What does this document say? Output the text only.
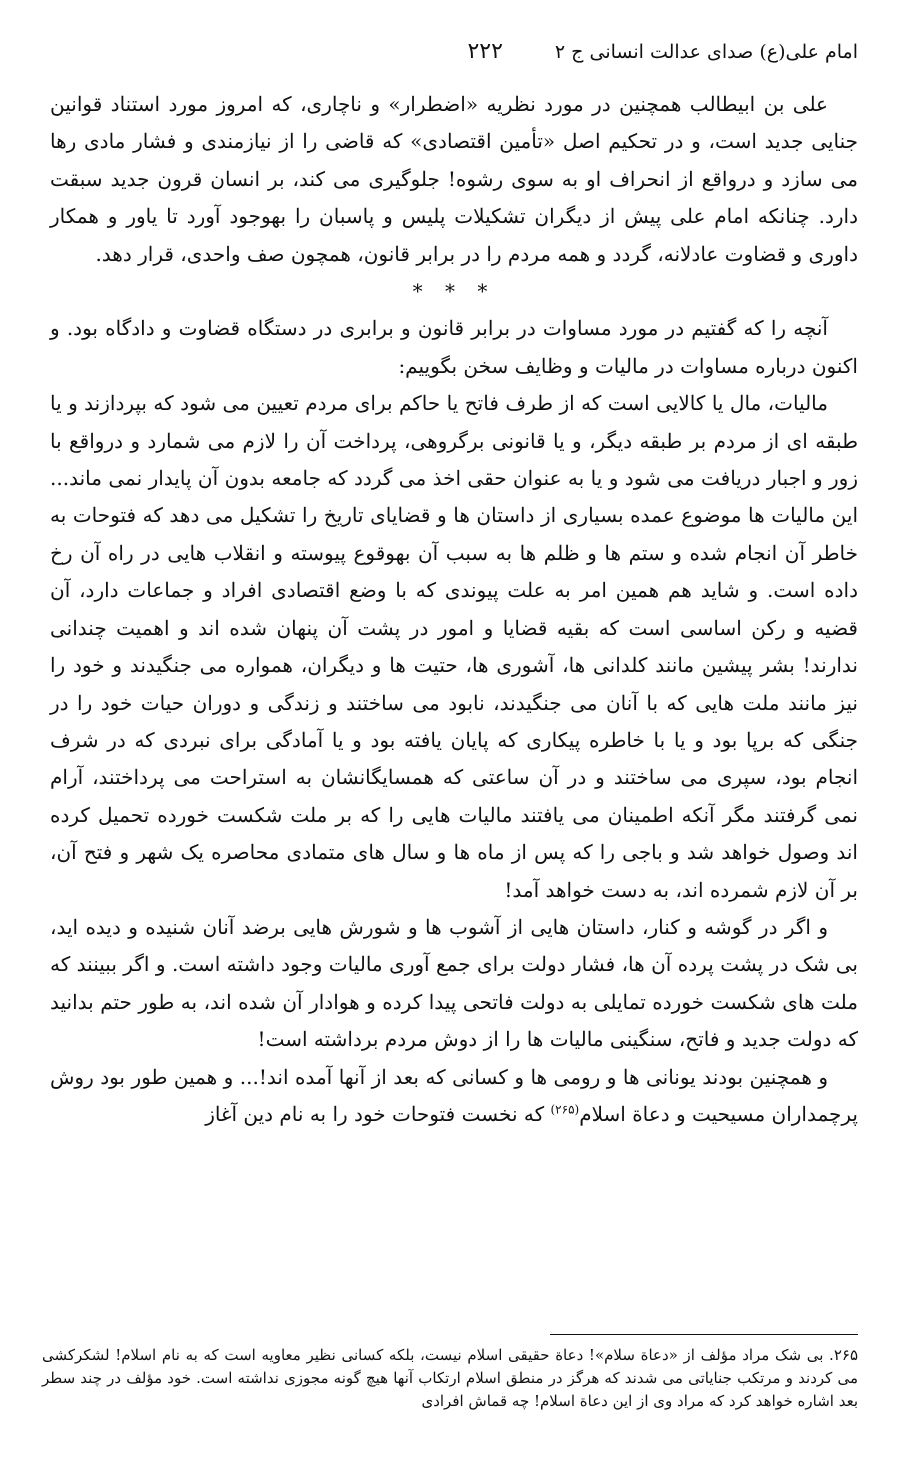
امام علی(ع) صدای عدالت انسانی ج ۲
۲۲۲

علی بن ابیطالب همچنین در مورد نظریه «اضطرار» و ناچاری، که امروز مورد استناد قوانین جنایی جدید است، و در تحکیم اصل «تأمین اقتصادی» که قاضی را از نیازمندی و فشار مادی رها می سازد و درواقع از انحراف او به سوی رشوه! جلوگیری می کند، بر انسان قرون جدید سبقت دارد. چنانکه امام علی پیش از دیگران تشکیلات پلیس و پاسبان را بهوجود آورد تا یاور و همکار داوری و قضاوت عادلانه، گردد و همه مردم را در برابر قانون، همچون صف واحدی، قرار دهد.

* * *

آنچه را که گفتیم در مورد مساوات در برابر قانون و برابری در دستگاه قضاوت و دادگاه بود. و اکنون درباره مساوات در مالیات و وظایف سخن بگوییم:

مالیات، مال یا کالایی است که از طرف فاتح یا حاکم برای مردم تعیین می شود که بپردازند و یا طبقه ای از مردم بر طبقه دیگر، و یا قانونی برگروهی، پرداخت آن را لازم می شمارد و درواقع با زور و اجبار دریافت می شود و یا به عنوان حقی اخذ می گردد که جامعه بدون آن پایدار نمی ماند... این مالیات ها موضوع عمده بسیاری از داستان ها و قضایای تاریخ را تشکیل می دهد که فتوحات به خاطر آن انجام شده و ستم ها و ظلم ها به سبب آن بهوقوع پیوسته و انقلاب هایی در راه آن رخ داده است. و شاید هم همین امر به علت پیوندی که با وضع اقتصادی افراد و جماعات دارد، آن قضیه و رکن اساسی است که بقیه قضایا و امور در پشت آن پنهان شده اند و اهمیت چندانی ندارند! بشر پیشین مانند کلدانی ها، آشوری ها، حتیت ها و دیگران، همواره می جنگیدند و خود را نیز مانند ملت هایی که با آنان می جنگیدند، نابود می ساختند و زندگی و دوران حیات خود را در جنگی که برپا بود و یا با خاطره پیکاری که پایان یافته بود و یا آمادگی برای نبردی که در شرف انجام بود، سپری می ساختند و در آن ساعتی که همسایگانشان به استراحت می پرداختند، آرام نمی گرفتند مگر آنکه اطمینان می یافتند مالیات هایی را که بر ملت شکست خورده تحمیل کرده اند وصول خواهد شد و باجی را که پس از ماه ها و سال های متمادی محاصره یک شهر و فتح آن، بر آن لازم شمرده اند، به دست خواهد آمد!

و اگر در گوشه و کنار، داستان هایی از آشوب ها و شورش هایی برضد آنان شنیده و دیده اید، بی شک در پشت پرده آن ها، فشار دولت برای جمع آوری مالیات وجود داشته است. و اگر ببینند که ملت های شکست خورده تمایلی به دولت فاتحی پیدا کرده و هوادار آن شده اند، به طور حتم بدانید که دولت جدید و فاتح، سنگینی مالیات ها را از دوش مردم برداشته است!

و همچنین بودند یونانی ها و رومی ها و کسانی که بعد از آنها آمده اند!... و همین طور بود روش پرچمداران مسیحیت و دعاة اسلام$^{(۲۶۵)}$ که نخست فتوحات خود را به نام دین آغاز

۲۶۵. بی شک مراد مؤلف از «دعاة سلام»! دعاة حقیقی اسلام نیست، بلکه کسانی نظیر معاویه است که به نام اسلام! لشکرکشی می کردند و مرتکب جنایاتی می شدند که هرگز در منطق اسلام ارتکاب آنها هیچ گونه مجوزی نداشته است. خود مؤلف در چند سطر بعد اشاره خواهد کرد که مراد وی از این دعاة اسلام! چه قماش افرادی
